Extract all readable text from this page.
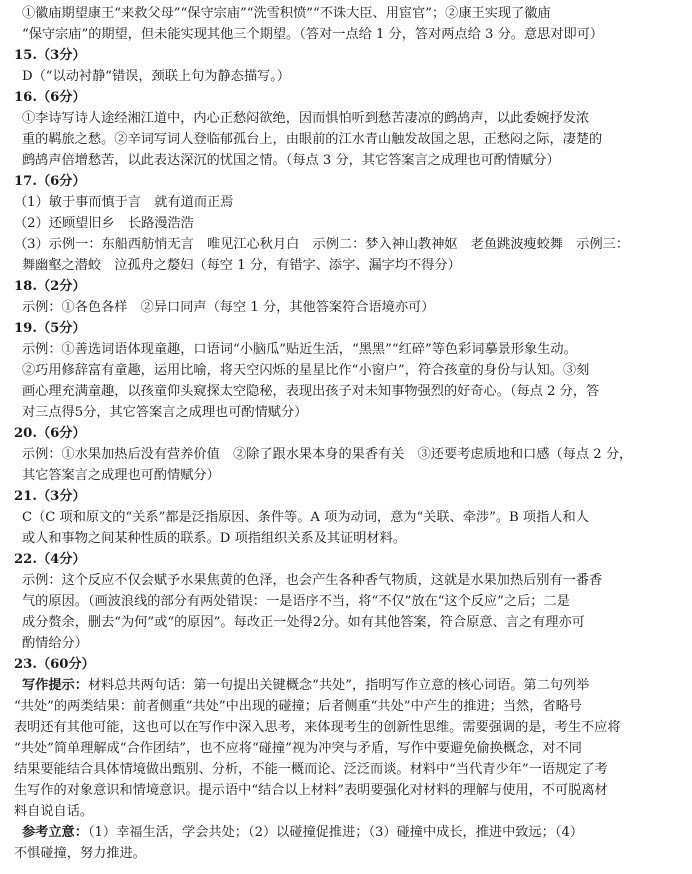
①徽庙期望康王“来救父母”“保守宗庙”“洗雪积愤”“不诛大臣、用宦官”；②康王实现了徽庙
“保守宗庙”的期望，但未能实现其他三个期望。（答对一点给 1 分，答对两点给 3 分。意思对即可）
15.（3分）
D（“以动衬静”错误，颈联上句为静态描写。）
16.（6分）
①李诗写诗人途经湘江道中，内心正愁闷欲绝，因而惧怕听到愁苦凄凉的鹧鸪声，以此委婉抒发浓
重的羁旅之愁。②辛词写词人登临郁孤台上，由眼前的江水青山触发故国之思，正愁闷之际，凄楚的
鹧鸪声倍增愁苦，以此表达深沉的忧国之情。（每点 3 分，其它答案言之成理也可酌情赋分）
17.（6分）
（1）敏于事而慎于言　就有道而正焉
（2）还顾望旧乡　长路漫浩浩
（3）示例一：东船西舫悄无言　唯见江心秋月白　示例二：梦入神山教神妪　老鱼跳波瘦蛟舞　示例三：
舞幽壑之潜蛟　泣孤舟之嫠妇（每空 1 分，有错字、添字、漏字均不得分）
18.（2分）
示例：①各色各样　②异口同声（每空 1 分，其他答案符合语境亦可）
19.（5分）
示例：①善选词语体现童趣，口语词“小脑瓜”贴近生活，“黑黑”“红碎”等色彩词摹景形象生动。
②巧用修辞富有童趣，运用比喻，将天空闪烁的星星比作“小窗户”，符合孩童的身份与认知。③刻
画心理充满童趣，以孩童仰头窥探太空隐秘，表现出孩子对未知事物强烈的好奇心。（每点 2 分，答
对三点得5分，其它答案言之成理也可酌情赋分）
20.（6分）
示例：①水果加热后没有营养价值　②除了跟水果本身的果香有关　③还要考虑质地和口感（每点 2 分，
其它答案言之成理也可酌情赋分）
21.（3分）
C（C 项和原文的“关系”都是泛指原因、条件等。A 项为动词，意为“关联、牵涉”。B 项指人和人
或人和事物之间某种性质的联系。D 项指组织关系及其证明材料。
22.（4分）
示例：这个反应不仅会赋予水果焦黄的色泽，也会产生各种香气物质，这就是水果加热后别有一番香
气的原因。（画波浪线的部分有两处错误：一是语序不当，将“不仅”放在“这个反应”之后；二是
成分赘余，删去“为何”或“的原因”。每改正一处得2分。如有其他答案，符合原意、言之有理亦可
酌情给分）
23.（60分）
写作提示：材料总共两句话：第一句提出关键概念“共处”，指明写作立意的核心词语。第二句列举
“共处”的两类结果：前者侧重“共处”中出现的碰撞；后者侧重“共处”中产生的推进；当然，省略号
表明还有其他可能，这也可以在写作中深入思考，来体现考生的创新性思维。需要强调的是，考生不应将
“共处”简单理解成“合作团结”，也不应将“碰撞”视为冲突与矛盾，写作中要避免偷换概念，对不同
结果要能结合具体情境做出甄别、分析，不能一概而论、泛泛而谈。材料中“当代青少年”一语规定了考
生写作的对象意识和情境意识。提示语中“结合以上材料”表明要强化对材料的理解与使用，不可脱离材
料自说自话。
参考立意：（1）幸福生活，学会共处；（2）以碰撞促推进；（3）碰撞中成长，推进中致远；（4）
不惧碰撞，努力推进。
